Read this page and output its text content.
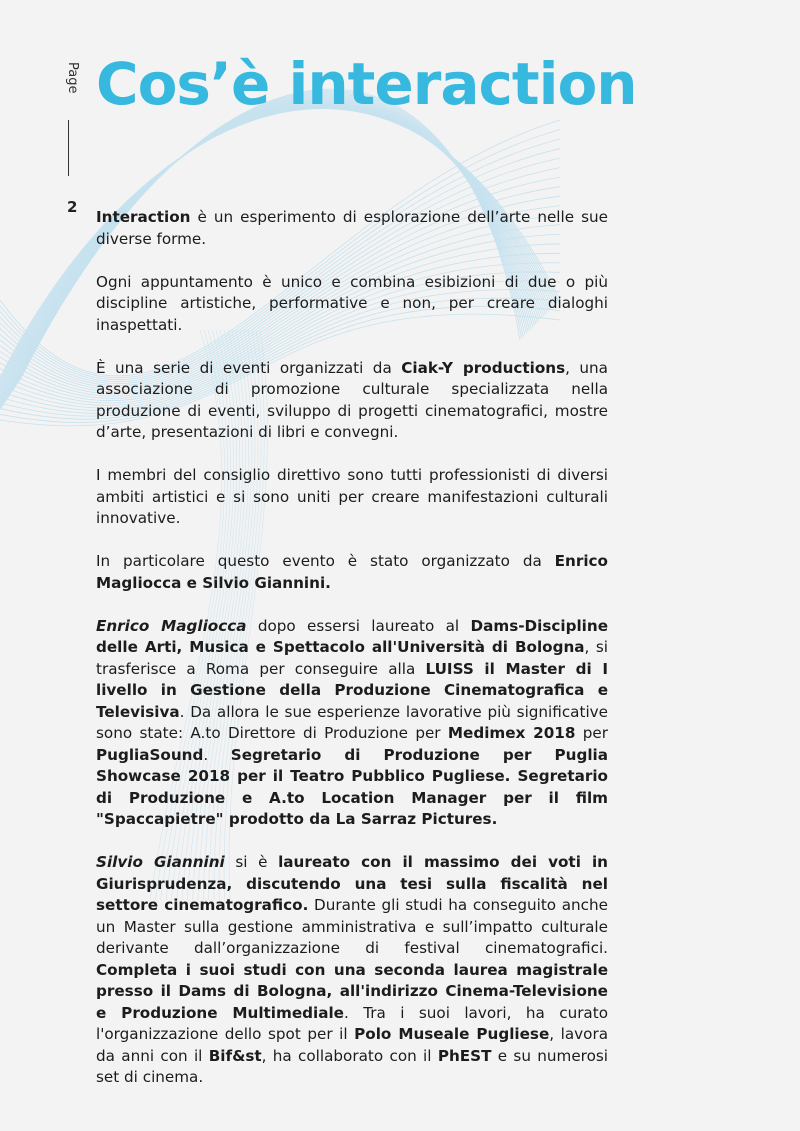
Page
2
Cos’è interaction

Interaction è un esperimento di esplorazione dell’arte nelle sue diverse forme.

Ogni appuntamento è unico e combina esibizioni di due o più discipline artistiche, performative e non, per creare dialoghi inaspettati.

È una serie di eventi organizzati da Ciak-Y productions, una associazione di promozione culturale specializzata nella produzione di eventi, sviluppo di progetti cinematografici, mostre d’arte, presentazioni di libri e convegni.

I membri del consiglio direttivo sono tutti professionisti di diversi ambiti artistici e si sono uniti per creare manifestazioni culturali innovative.

In particolare questo evento è stato organizzato da Enrico Magliocca e Silvio Giannini.

Enrico Magliocca dopo essersi laureato al Dams-Discipline delle Arti, Musica e Spettacolo all'Università di Bologna, si trasferisce a Roma per conseguire alla LUISS il Master di I livello in Gestione della Produzione Cinematografica e Televisiva. Da allora le sue esperienze lavorative più significative sono state: A.to Direttore di Produzione per Medimex 2018 per PugliaSound. Segretario di Produzione per Puglia Showcase 2018 per il Teatro Pubblico Pugliese. Segretario di Produzione e A.to Location Manager per il film "Spaccapietre" prodotto da La Sarraz Pictures.

Silvio Giannini si è laureato con il massimo dei voti in Giurisprudenza, discutendo una tesi sulla fiscalità nel settore cinematografico. Durante gli studi ha conseguito anche un Master sulla gestione amministrativa e sull’impatto culturale derivante dall’organizzazione di festival cinematografici. Completa i suoi studi con una seconda laurea magistrale presso il Dams di Bologna, all'indirizzo Cinema-Televisione e Produzione Multimediale. Tra i suoi lavori, ha curato l'organizzazione dello spot per il Polo Museale Pugliese, lavora da anni con il Bif&st, ha collaborato con il PhEST e su numerosi set di cinema.
